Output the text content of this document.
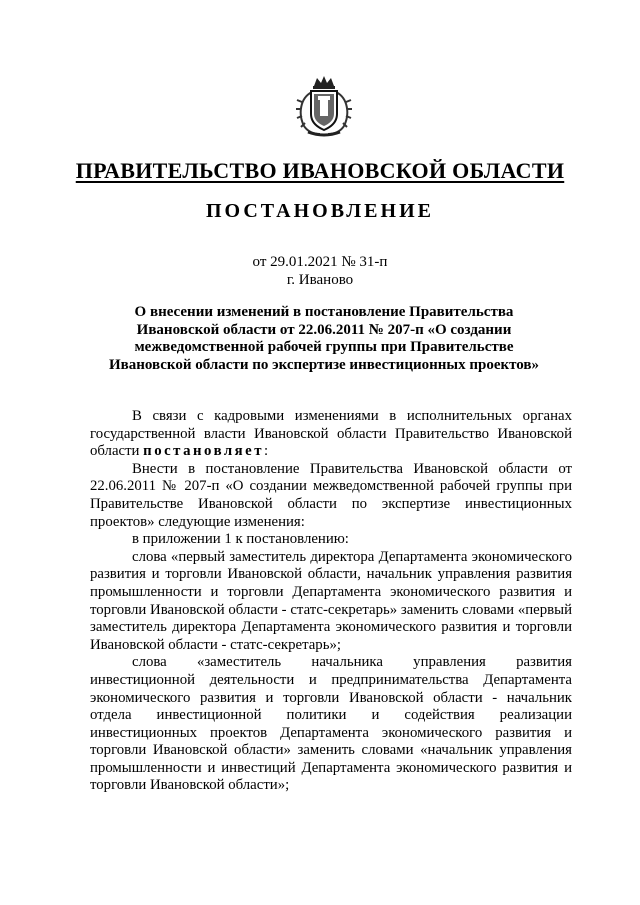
ПРАВИТЕЛЬСТВО ИВАНОВСКОЙ ОБЛАСТИ
ПОСТАНОВЛЕНИЕ
от 29.01.2021 № 31-п
г. Иваново
О внесении изменений в постановление Правительства Ивановской области от 22.06.2011 № 207-п «О создании межведомственной рабочей группы при Правительстве Ивановской области по экспертизе инвестиционных проектов»

В связи с кадровыми изменениями в исполнительных органах государственной власти Ивановской области Правительство Ивановской области постановляет:

Внести в постановление Правительства Ивановской области от 22.06.2011 № 207-п «О создании межведомственной рабочей группы при Правительстве Ивановской области по экспертизе инвестиционных проектов» следующие изменения:

в приложении 1 к постановлению:

слова «первый заместитель директора Департамента экономического развития и торговли Ивановской области, начальник управления развития промышленности и торговли Департамента экономического развития и торговли Ивановской области - статс-секретарь» заменить словами «первый заместитель директора Департамента экономического развития и торговли Ивановской области - статс-секретарь»;

слова «заместитель начальника управления развития инвестиционной деятельности и предпринимательства Департамента экономического развития и торговли Ивановской области - начальник отдела инвестиционной политики и содействия реализации инвестиционных проектов Департамента экономического развития и торговли Ивановской области» заменить словами «начальник управления промышленности и инвестиций Департамента экономического развития и торговли Ивановской области»;
